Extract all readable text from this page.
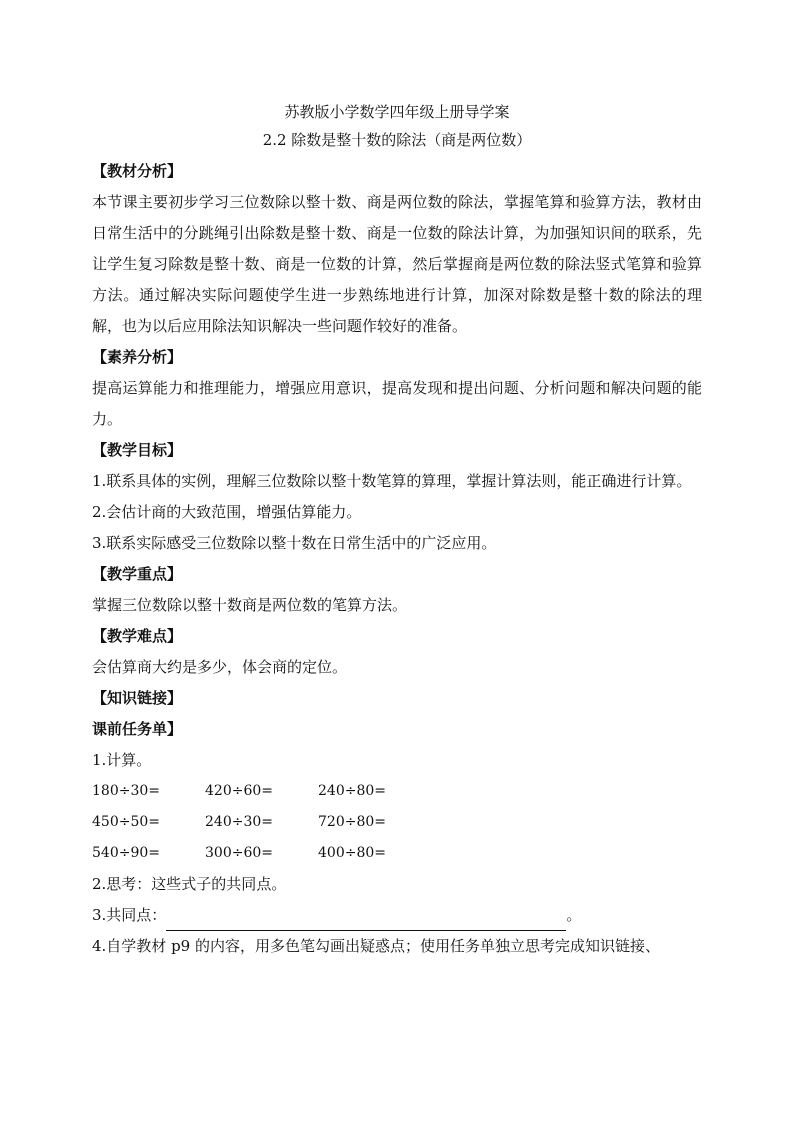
苏教版小学数学四年级上册导学案
2.2 除数是整十数的除法（商是两位数）
【教材分析】

本节课主要初步学习三位数除以整十数、商是两位数的除法，掌握笔算和验算方法，教材由日常生活中的分跳绳引出除数是整十数、商是一位数的除法计算，为加强知识间的联系，先让学生复习除数是整十数、商是一位数的计算，然后掌握商是两位数的除法竖式笔算和验算方法。通过解决实际问题使学生进一步熟练地进行计算，加深对除数是整十数的除法的理解，也为以后应用除法知识解决一些问题作较好的准备。

【素养分析】

提高运算能力和推理能力，增强应用意识，提高发现和提出问题、分析问题和解决问题的能力。

【教学目标】

1.联系具体的实例，理解三位数除以整十数笔算的算理，掌握计算法则，能正确进行计算。

2.会估计商的大致范围，增强估算能力。

3.联系实际感受三位数除以整十数在日常生活中的广泛应用。

【教学重点】

掌握三位数除以整十数商是两位数的笔算方法。

【教学难点】

会估算商大约是多少，体会商的定位。

【知识链接】
课前任务单】

1.计算。

180÷30=	420÷60=	240÷80=
450÷50=	240÷30=	720÷80=
540÷90=	300÷60=	400÷80=

2.思考：这些式子的共同点。

3.共同点：	。

4.自学教材 p9 的内容，用多色笔勾画出疑惑点；使用任务单独立思考完成知识链接、
